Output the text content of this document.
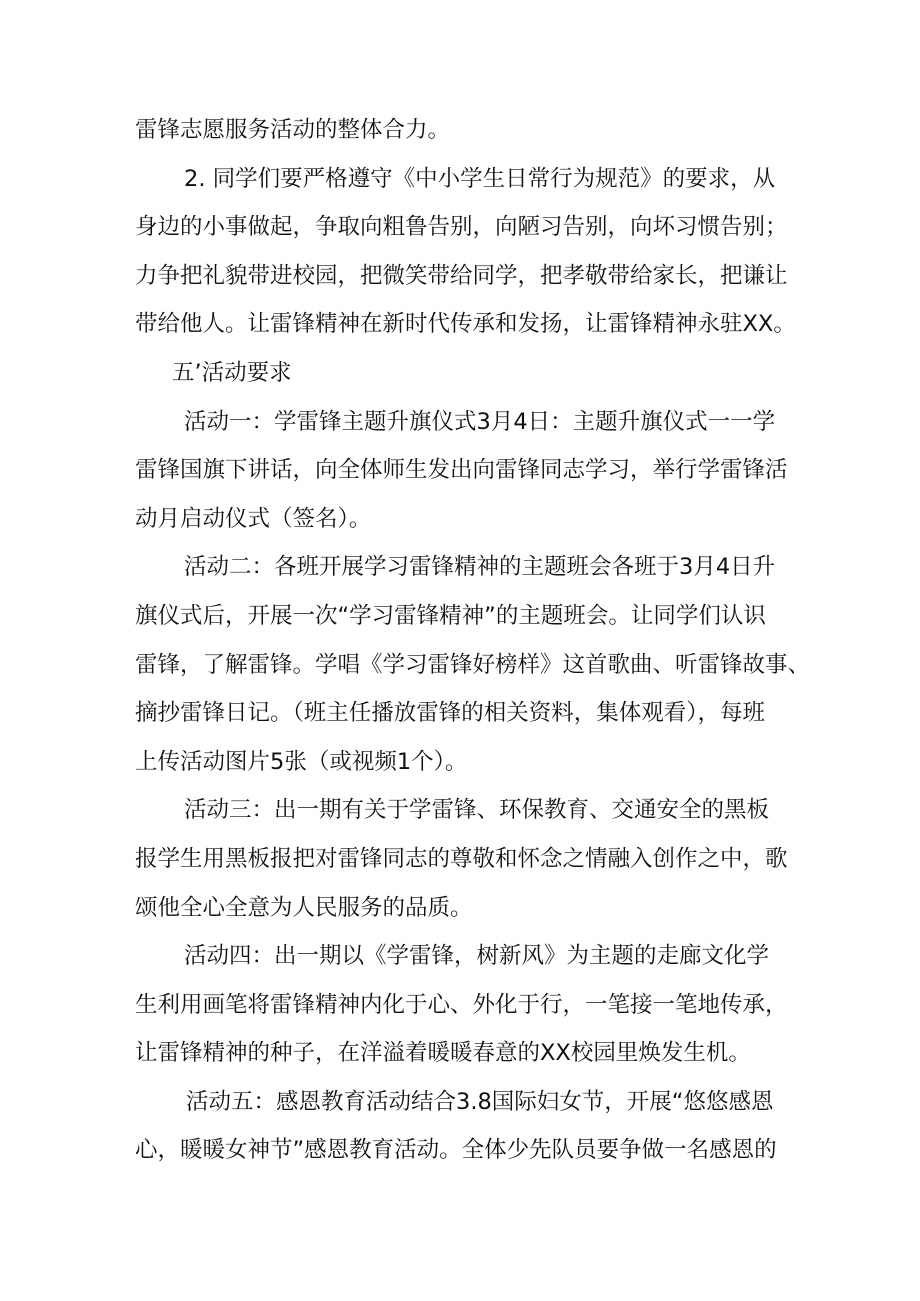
雷锋志愿服务活动的整体合力。
2. 同学们要严格遵守《中小学生日常行为规范》的要求，从
身边的小事做起，争取向粗鲁告别，向陋习告别，向坏习惯告别；
力争把礼貌带进校园，把微笑带给同学，把孝敬带给家长，把谦让
带给他人。让雷锋精神在新时代传承和发扬，让雷锋精神永驻XX。
五’活动要求
活动一：学雷锋主题升旗仪式3月4日：主题升旗仪式一一学
雷锋国旗下讲话，向全体师生发出向雷锋同志学习，举行学雷锋活
动月启动仪式（签名）。
活动二：各班开展学习雷锋精神的主题班会各班于3月4日升
旗仪式后，开展一次“学习雷锋精神”的主题班会。让同学们认识
雷锋，了解雷锋。学唱《学习雷锋好榜样》这首歌曲、听雷锋故事、
摘抄雷锋日记。（班主任播放雷锋的相关资料，集体观看），每班
上传活动图片5张（或视频1个）。
活动三：出一期有关于学雷锋、环保教育、交通安全的黑板
报学生用黑板报把对雷锋同志的尊敬和怀念之情融入创作之中，歌
颂他全心全意为人民服务的品质。
活动四：出一期以《学雷锋，树新风》为主题的走廊文化学
生利用画笔将雷锋精神内化于心、外化于行，一笔接一笔地传承，
让雷锋精神的种子，在洋溢着暖暖春意的XX校园里焕发生机。
活动五：感恩教育活动结合3.8国际妇女节，开展“悠悠感恩
心，暖暖女神节”感恩教育活动。全体少先队员要争做一名感恩的
